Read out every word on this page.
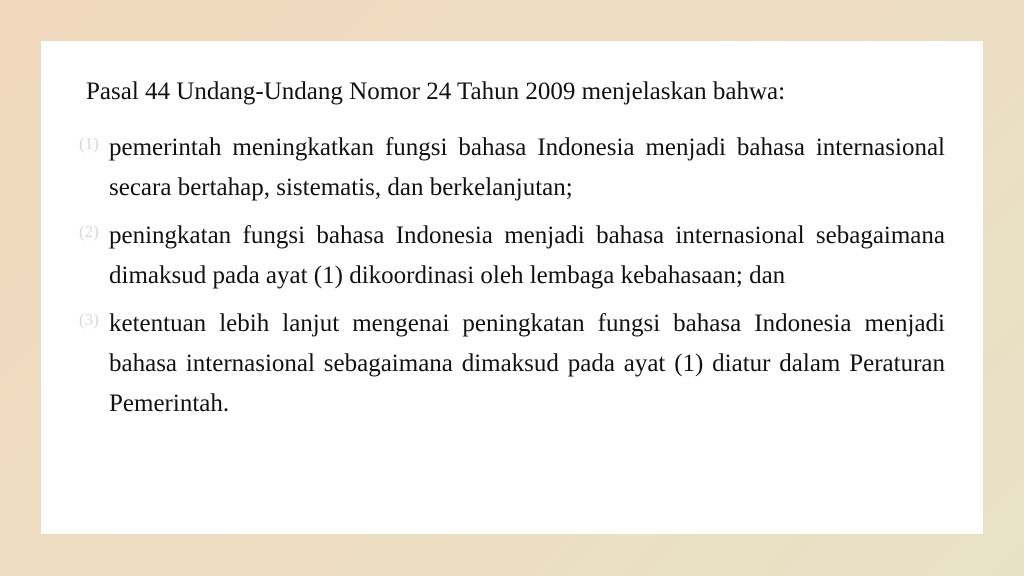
Pasal 44 Undang-Undang Nomor 24 Tahun 2009 menjelaskan bahwa:
(1) pemerintah meningkatkan fungsi bahasa Indonesia menjadi bahasa internasional secara bertahap, sistematis, dan berkelanjutan;
(2) peningkatan fungsi bahasa Indonesia menjadi bahasa internasional sebagaimana dimaksud pada ayat (1) dikoordinasi oleh lembaga kebahasaan; dan
(3) ketentuan lebih lanjut mengenai peningkatan fungsi bahasa Indonesia menjadi bahasa internasional sebagaimana dimaksud pada ayat (1) diatur dalam Peraturan Pemerintah.
